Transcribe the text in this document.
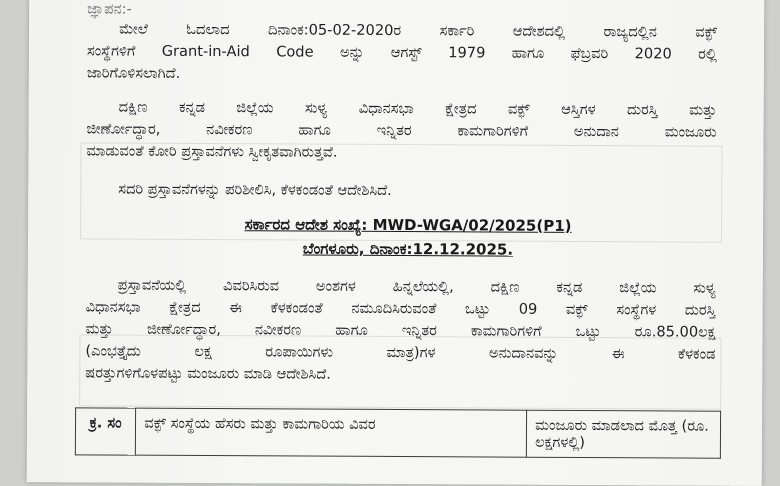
ಜ್ಞಾಪನ:-
ಮೇಲೆ ಓದಲಾದ ದಿನಾಂಕ:05-02-2020ರ ಸರ್ಕಾರಿ ಆದೇಶದಲ್ಲಿ ರಾಜ್ಯದಲ್ಲಿನ ವಕ್ಫ್
ಸಂಸ್ಥೆಗಳಿಗೆ Grant-in-Aid Code ಅನ್ನು ಆಗಸ್ಟ್ 1979 ಹಾಗೂ ಫೆಬ್ರವರಿ 2020 ರಲ್ಲಿ
ಜಾರಿಗೊಳಿಸಲಾಗಿದೆ.
ದಕ್ಷಿಣ ಕನ್ನಡ ಜಿಲ್ಲೆಯ ಸುಳ್ಯ ವಿಧಾನಸಭಾ ಕ್ಷೇತ್ರದ ವಕ್ಫ್ ಆಸ್ತಿಗಳ ದುರಸ್ತಿ ಮತ್ತು
ಜೀರ್ಣೋದ್ಧಾರ, ನವೀಕರಣ ಹಾಗೂ ಇನ್ನಿತರ ಕಾಮಗಾರಿಗಳಿಗೆ ಅನುದಾನ ಮಂಜೂರು
ಮಾಡುವಂತೆ ಕೋರಿ ಪ್ರಸ್ತಾವನೆಗಳು ಸ್ವೀಕೃತವಾಗಿರುತ್ತವೆ.
ಸದರಿ ಪ್ರಸ್ತಾವನೆಗಳನ್ನು ಪರಿಶೀಲಿಸಿ, ಕೆಳಕಂಡಂತೆ ಆದೇಶಿಸಿದೆ.
ಸರ್ಕಾರದ ಆದೇಶ ಸಂಖ್ಯೆ: MWD-WGA/02/2025(P1)
ಬೆಂಗಳೂರು, ದಿನಾಂಕ:12.12.2025.
ಪ್ರಸ್ತಾವನೆಯಲ್ಲಿ ವಿವರಿಸಿರುವ ಅಂಶಗಳ ಹಿನ್ನಲೆಯಲ್ಲಿ, ದಕ್ಷಿಣ ಕನ್ನಡ ಜಿಲ್ಲೆಯ ಸುಳ್ಯ
ವಿಧಾನಸಭಾ ಕ್ಷೇತ್ರದ ಈ ಕೆಳಕಂಡಂತೆ ನಮೂದಿಸಿರುವಂತೆ ಒಟ್ಟು 09 ವಕ್ಫ್ ಸಂಸ್ಥೆಗಳ ದುರಸ್ತಿ
ಮತ್ತು ಜೀರ್ಣೋದ್ಧಾರ, ನವೀಕರಣ ಹಾಗೂ ಇನ್ನಿತರ ಕಾಮಗಾರಿಗಳಿಗೆ ಒಟ್ಟು ರೂ.85.00ಲಕ್ಷ
(ಎಂಭತ್ತೈದು ಲಕ್ಷ ರೂಪಾಯಿಗಳು ಮಾತ್ರ)ಗಳ ಅನುದಾನವನ್ನು ಈ ಕೆಳಕಂಡ
ಷರತ್ತುಗಳಿಗೊಳಪಟ್ಟು ಮಂಜೂರು ಮಾಡಿ ಆದೇಶಿಸಿದೆ.
ಕ್ರ. ಸಂ	ವಕ್ಫ್ ಸಂಸ್ಥೆಯ ಹೆಸರು ಮತ್ತು ಕಾಮಗಾರಿಯ ವಿವರ	ಮಂಜೂರು ಮಾಡಲಾದ ಮೊತ್ತ (ರೂ. ಲಕ್ಷಗಳಲ್ಲಿ)
